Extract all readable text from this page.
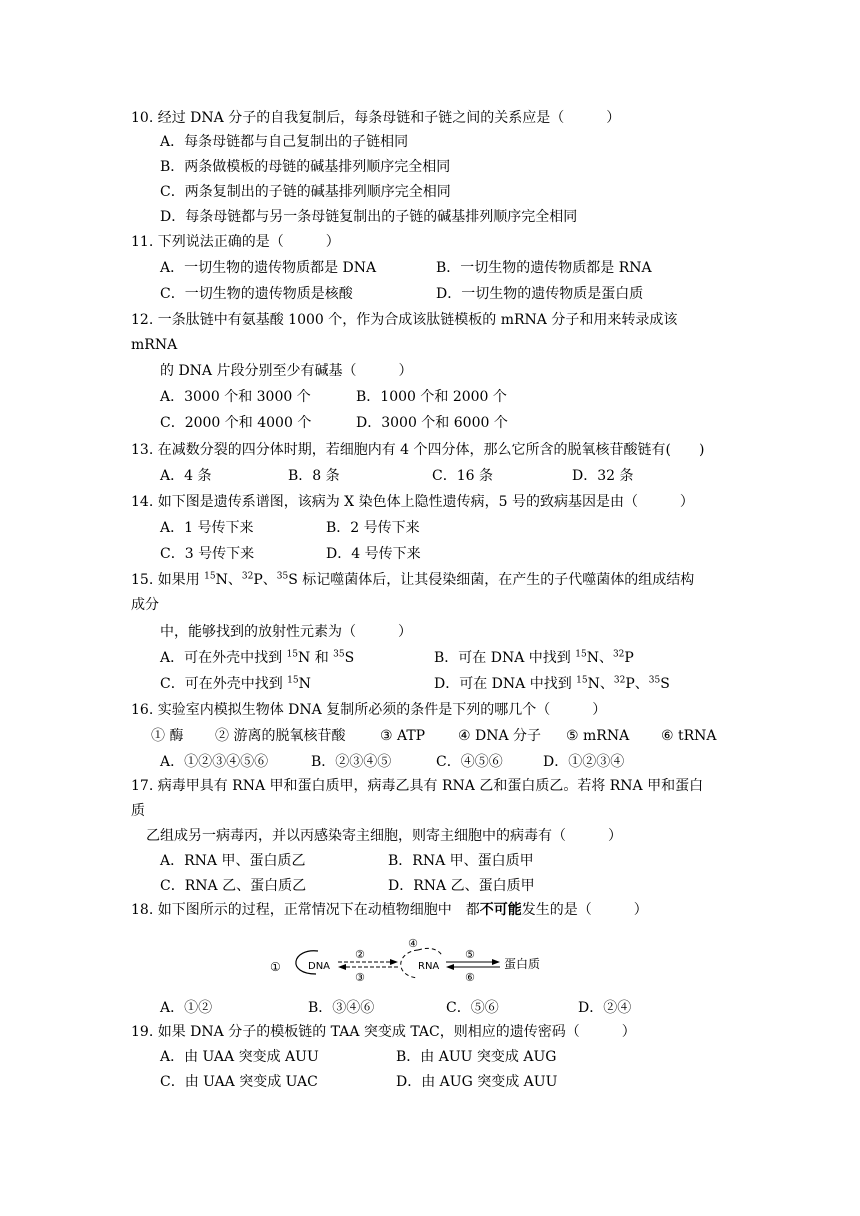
10. 经过 DNA 分子的自我复制后，每条母链和子链之间的关系应是（　　　）
A．每条母链都与自己复制出的子链相同
B．两条做模板的母链的碱基排列顺序完全相同
C．两条复制出的子链的碱基排列顺序完全相同
D．每条母链都与另一条母链复制出的子链的碱基排列顺序完全相同
11. 下列说法正确的是（　　　）
A．一切生物的遗传物质都是 DNA	B．一切生物的遗传物质都是 RNA
C．一切生物的遗传物质是核酸	D．一切生物的遗传物质是蛋白质
12. 一条肽链中有氨基酸 1000 个，作为合成该肽链模板的 mRNA 分子和用来转录成该
mRNA
的 DNA 片段分别至少有碱基（　　　）
A．3000 个和 3000 个	B．1000 个和 2000 个
C．2000 个和 4000 个	D．3000 个和 6000 个
13. 在减数分裂的四分体时期，若细胞内有 4 个四分体，那么它所含的脱氧核苷酸链有(　　)
A．4 条	B．8 条	C．16 条	D．32 条
14. 如下图是遗传系谱图，该病为 X 染色体上隐性遗传病，5 号的致病基因是由（　　　）
A．1 号传下来	B．2 号传下来
C．3 号传下来	D．4 号传下来
15. 如果用 $^{15}$N、$^{32}$P、$^{35}$S 标记噬菌体后，让其侵染细菌，在产生的子代噬菌体的组成结构
成分
中，能够找到的放射性元素为（　　　）
A．可在外壳中找到 $^{15}$N 和 $^{35}$S	B．可在 DNA 中找到 $^{15}$N、$^{32}$P
C．可在外壳中找到 $^{15}$N	D．可在 DNA 中找到 $^{15}$N、$^{32}$P、$^{35}$S
16. 实验室内模拟生物体 DNA 复制所必须的条件是下列的哪几个（　　　）
① 酶 ② 游离的脱氧核苷酸 ③ ATP ④ DNA 分子 ⑤ mRNA ⑥ tRNA
A．①②③④⑤⑥	B．②③④⑤	C．④⑤⑥	D．①②③④
17. 病毒甲具有 RNA 甲和蛋白质甲，病毒乙具有 RNA 乙和蛋白质乙。若将 RNA 甲和蛋白
质
乙组成另一病毒丙，并以丙感染寄主细胞，则寄主细胞中的病毒有（　　　）
A．RNA 甲、蛋白质乙	B．RNA 甲、蛋白质甲
C．RNA 乙、蛋白质乙	D．RNA 乙、蛋白质甲
18. 如下图所示的过程，正常情况下在动植物细胞中　都不可能发生的是（　　　）
①	DNA
②
③
④
RNA
⑤
⑥
蛋白质
A．①②	B．③④⑥	C．⑤⑥	D．②④
19. 如果 DNA 分子的模板链的 TAA 突变成 TAC，则相应的遗传密码（　　　）
A．由 UAA 突变成 AUU	B．由 AUU 突变成 AUG
C．由 UAA 突变成 UAC	D．由 AUG 突变成 AUU
